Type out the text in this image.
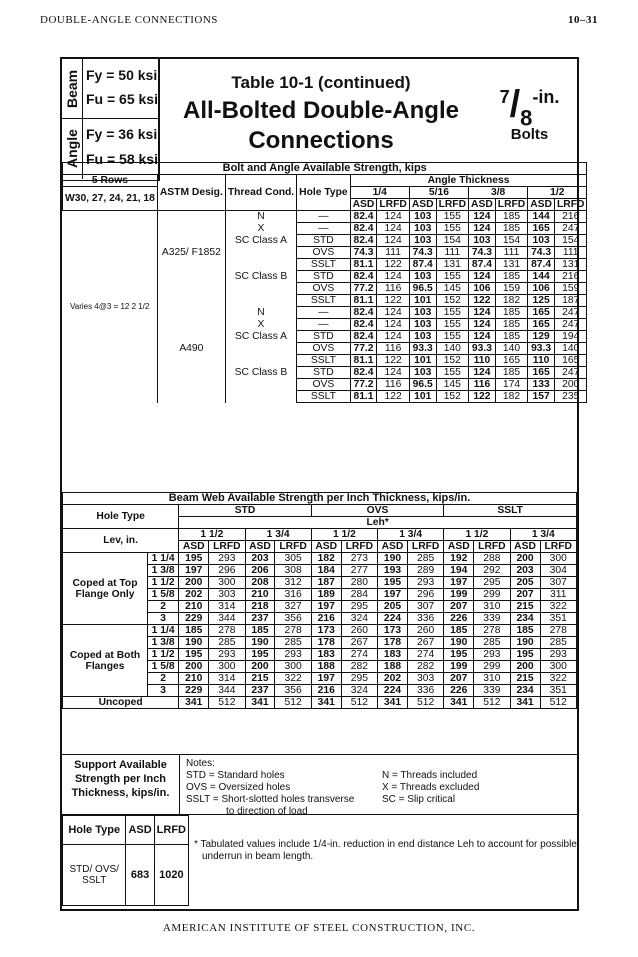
DOUBLE-ANGLE CONNECTIONS	10–31
Beam
Angle
Fy = 50 ksi
Fu = 65 ksi
Fy = 36 ksi
Fu = 58 ksi
Table 10-1 (continued)
All-Bolted Double-Angle
Connections
$^7/_8^{-in.}$
Bolts
Bolt and Angle Available Strength, kips											
5 Rows	ASTM Desig.	Thread Cond.	Hole Type	Angle Thickness							
W30, 27, 24, 21, 18				1/4		5/16		3/8		1/2	
				ASD	LRFD	ASD	LRFD	ASD	LRFD	ASD	LRFD
Varies 4@3 = 12 2 1/2		N	—	82.4	124	103	155	124	185	144	216
		X	—	82.4	124	103	155	124	185	165	247
		SC Class A	STD	82.4	124	103	154	103	154	103	154
	A325/ F1852		OVS	74.3	111	74.3	111	74.3	111	74.3	111
			SSLT	81.1	122	87.4	131	87.4	131	87.4	131
		SC Class B	STD	82.4	124	103	155	124	185	144	216
			OVS	77.2	116	96.5	145	106	159	106	159
			SSLT	81.1	122	101	152	122	182	125	187
		N	—	82.4	124	103	155	124	185	165	247
		X	—	82.4	124	103	155	124	185	165	247
		SC Class A	STD	82.4	124	103	155	124	185	129	194
	A490		OVS	77.2	116	93.3	140	93.3	140	93.3	140
			SSLT	81.1	122	101	152	110	165	110	165
		SC Class B	STD	82.4	124	103	155	124	185	165	247
			OVS	77.2	116	96.5	145	116	174	133	200
			SSLT	81.1	122	101	152	122	182	157	235
Beam Web Available Strength per Inch Thickness, kips/in.													
Hole Type		STD				OVS				SSLT			
		Leh*											
Lev, in.		1 1/2		1 3/4		1 1/2		1 3/4		1 1/2		1 3/4	
		ASD	LRFD	ASD	LRFD	ASD	LRFD	ASD	LRFD	ASD	LRFD	ASD	LRFD
Coped at Top Flange Only	1 1/4	195	293	203	305	182	273	190	285	192	288	200	300
	1 3/8	197	296	206	308	184	277	193	289	194	292	203	304
	1 1/2	200	300	208	312	187	280	195	293	197	295	205	307
	1 5/8	202	303	210	316	189	284	197	296	199	299	207	311
	2	210	314	218	327	197	295	205	307	207	310	215	322
	3	229	344	237	356	216	324	224	336	226	339	234	351
Coped at Both Flanges	1 1/4	185	278	185	278	173	260	173	260	185	278	185	278
	1 3/8	190	285	190	285	178	267	178	267	190	285	190	285
	1 1/2	195	293	195	293	183	274	183	274	195	293	195	293
	1 5/8	200	300	200	300	188	282	188	282	199	299	200	300
	2	210	314	215	322	197	295	202	303	207	310	215	322
	3	229	344	237	356	216	324	224	336	226	339	234	351
Uncoped		341	512	341	512	341	512	341	512	341	512	341	512
Support Available Strength per Inch Thickness, kips/in.
Notes:
STD = Standard holes
OVS = Oversized holes
SSLT = Short-slotted holes transverse
to direction of load
N = Threads included
X = Threads excluded
SC = Slip critical
Hole Type	ASD	LRFD
STD/ OVS/ SSLT	683	1020
* Tabulated values include 1/4-in. reduction in end distance Leh to account for possible
underrun in beam length.
AMERICAN INSTITUTE OF STEEL CONSTRUCTION, INC.
